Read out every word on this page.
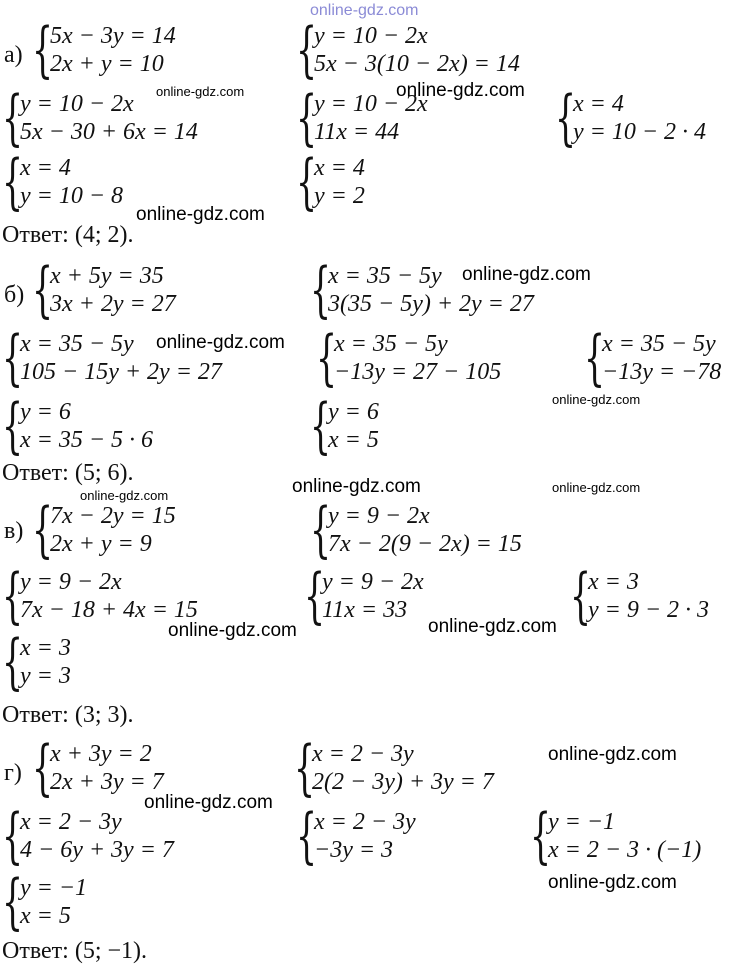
online-gdz.com
а) {
5x − 3y = 14
2x + y = 10 {
y = 10 − 2x
5x − 3(10 − 2x) = 14
{
y = 10 − 2x
5x − 30 + 6x = 14 {
y = 10 − 2x
11x = 44	{
x = 4
y = 10 − 2 · 4
{
x = 4
y = 10 − 8	{
x = 4
y = 2
Ответ: (4; 2).
б) {
x + 5y = 35
3x + 2y = 27 {
x = 35 − 5y
3(35 − 5y) + 2y = 27
{
x = 35 − 5y
105 − 15y + 2y = 27 {
x = 35 − 5y
−13y = 27 − 105 {
x = 35 − 5y
−13y = −78
{
y = 6
x = 35 − 5 · 6	{
y = 6
x = 5
Ответ: (5; 6).
в) {
7x − 2y = 15
2x + y = 9	{
y = 9 − 2x
7x − 2(9 − 2x) = 15
{
y = 9 − 2x
7x − 18 + 4x = 15 {
y = 9 − 2x
11x = 33	{
x = 3
y = 9 − 2 · 3
{
x = 3
y = 3
Ответ: (3; 3).
г) {
x + 3y = 2
2x + 3y = 7 {
x = 2 − 3y
2(2 − 3y) + 3y = 7
{
x = 2 − 3y
4 − 6y + 3y = 7 {
x = 2 − 3y
−3y = 3	{
y = −1
x = 2 − 3 · (−1)
{
y = −1
x = 5
Ответ: (5; −1).
online-gdz.com	online-gdz.com
online-gdz.com
online-gdz.com
online-gdz.com
online-gdz.com
online-gdz.com	online-gdz.com	online-gdz.com
online-gdz.com	online-gdz.com
online-gdz.com
online-gdz.com
online-gdz.com
